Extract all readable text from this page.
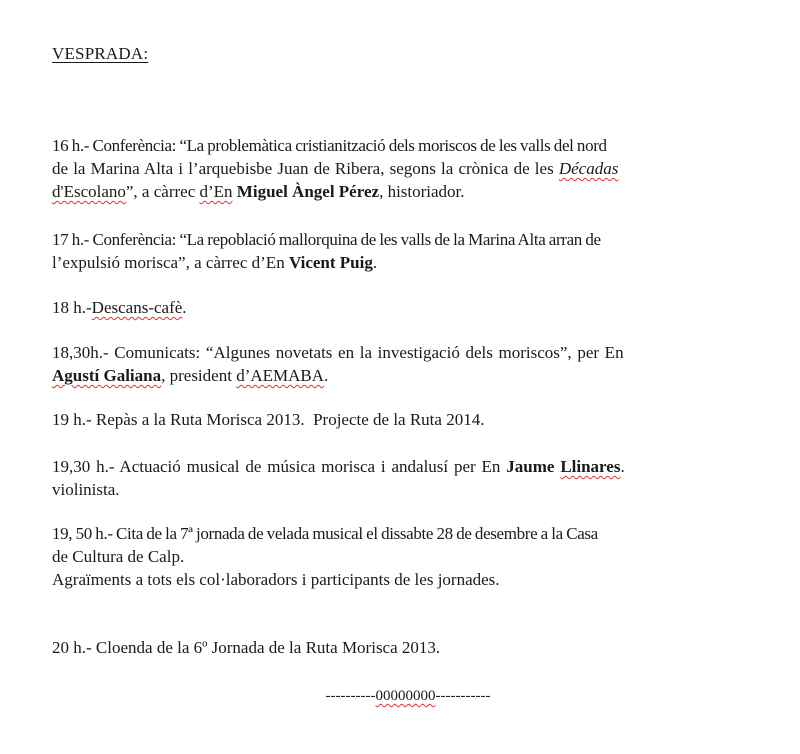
VESPRADA:
16 h.- Conferència: “La problemàtica cristianització dels moriscos de les valls del nord
de la Marina Alta i l’arquebisbe Juan de Ribera, segons la crònica de les Décadas
d'Escolano”, a càrrec d’En Miguel Àngel Pérez, historiador.
17 h.- Conferència: “La repoblació mallorquina de les valls de la Marina Alta arran de
l’expulsió morisca”, a càrrec d’En Vicent Puig.
18 h.-Descans-cafè.
18,30h.- Comunicats: “Algunes novetats en la investigació dels moriscos”, per En
Agustí Galiana, president d’AEMABA.
19 h.- Repàs a la Ruta Morisca 2013.  Projecte de la Ruta 2014.
19,30 h.- Actuació musical de música morisca i andalusí per En Jaume Llinares.
violinista.
19, 50 h.- Cita de la 7ª jornada de velada musical el dissabte 28 de desembre a la Casa
de Cultura de Calp.
Agraïments a tots els col·laboradors i participants de les jornades.
20 h.- Cloenda de la 6º Jornada de la Ruta Morisca 2013.
----------00000000-----------
